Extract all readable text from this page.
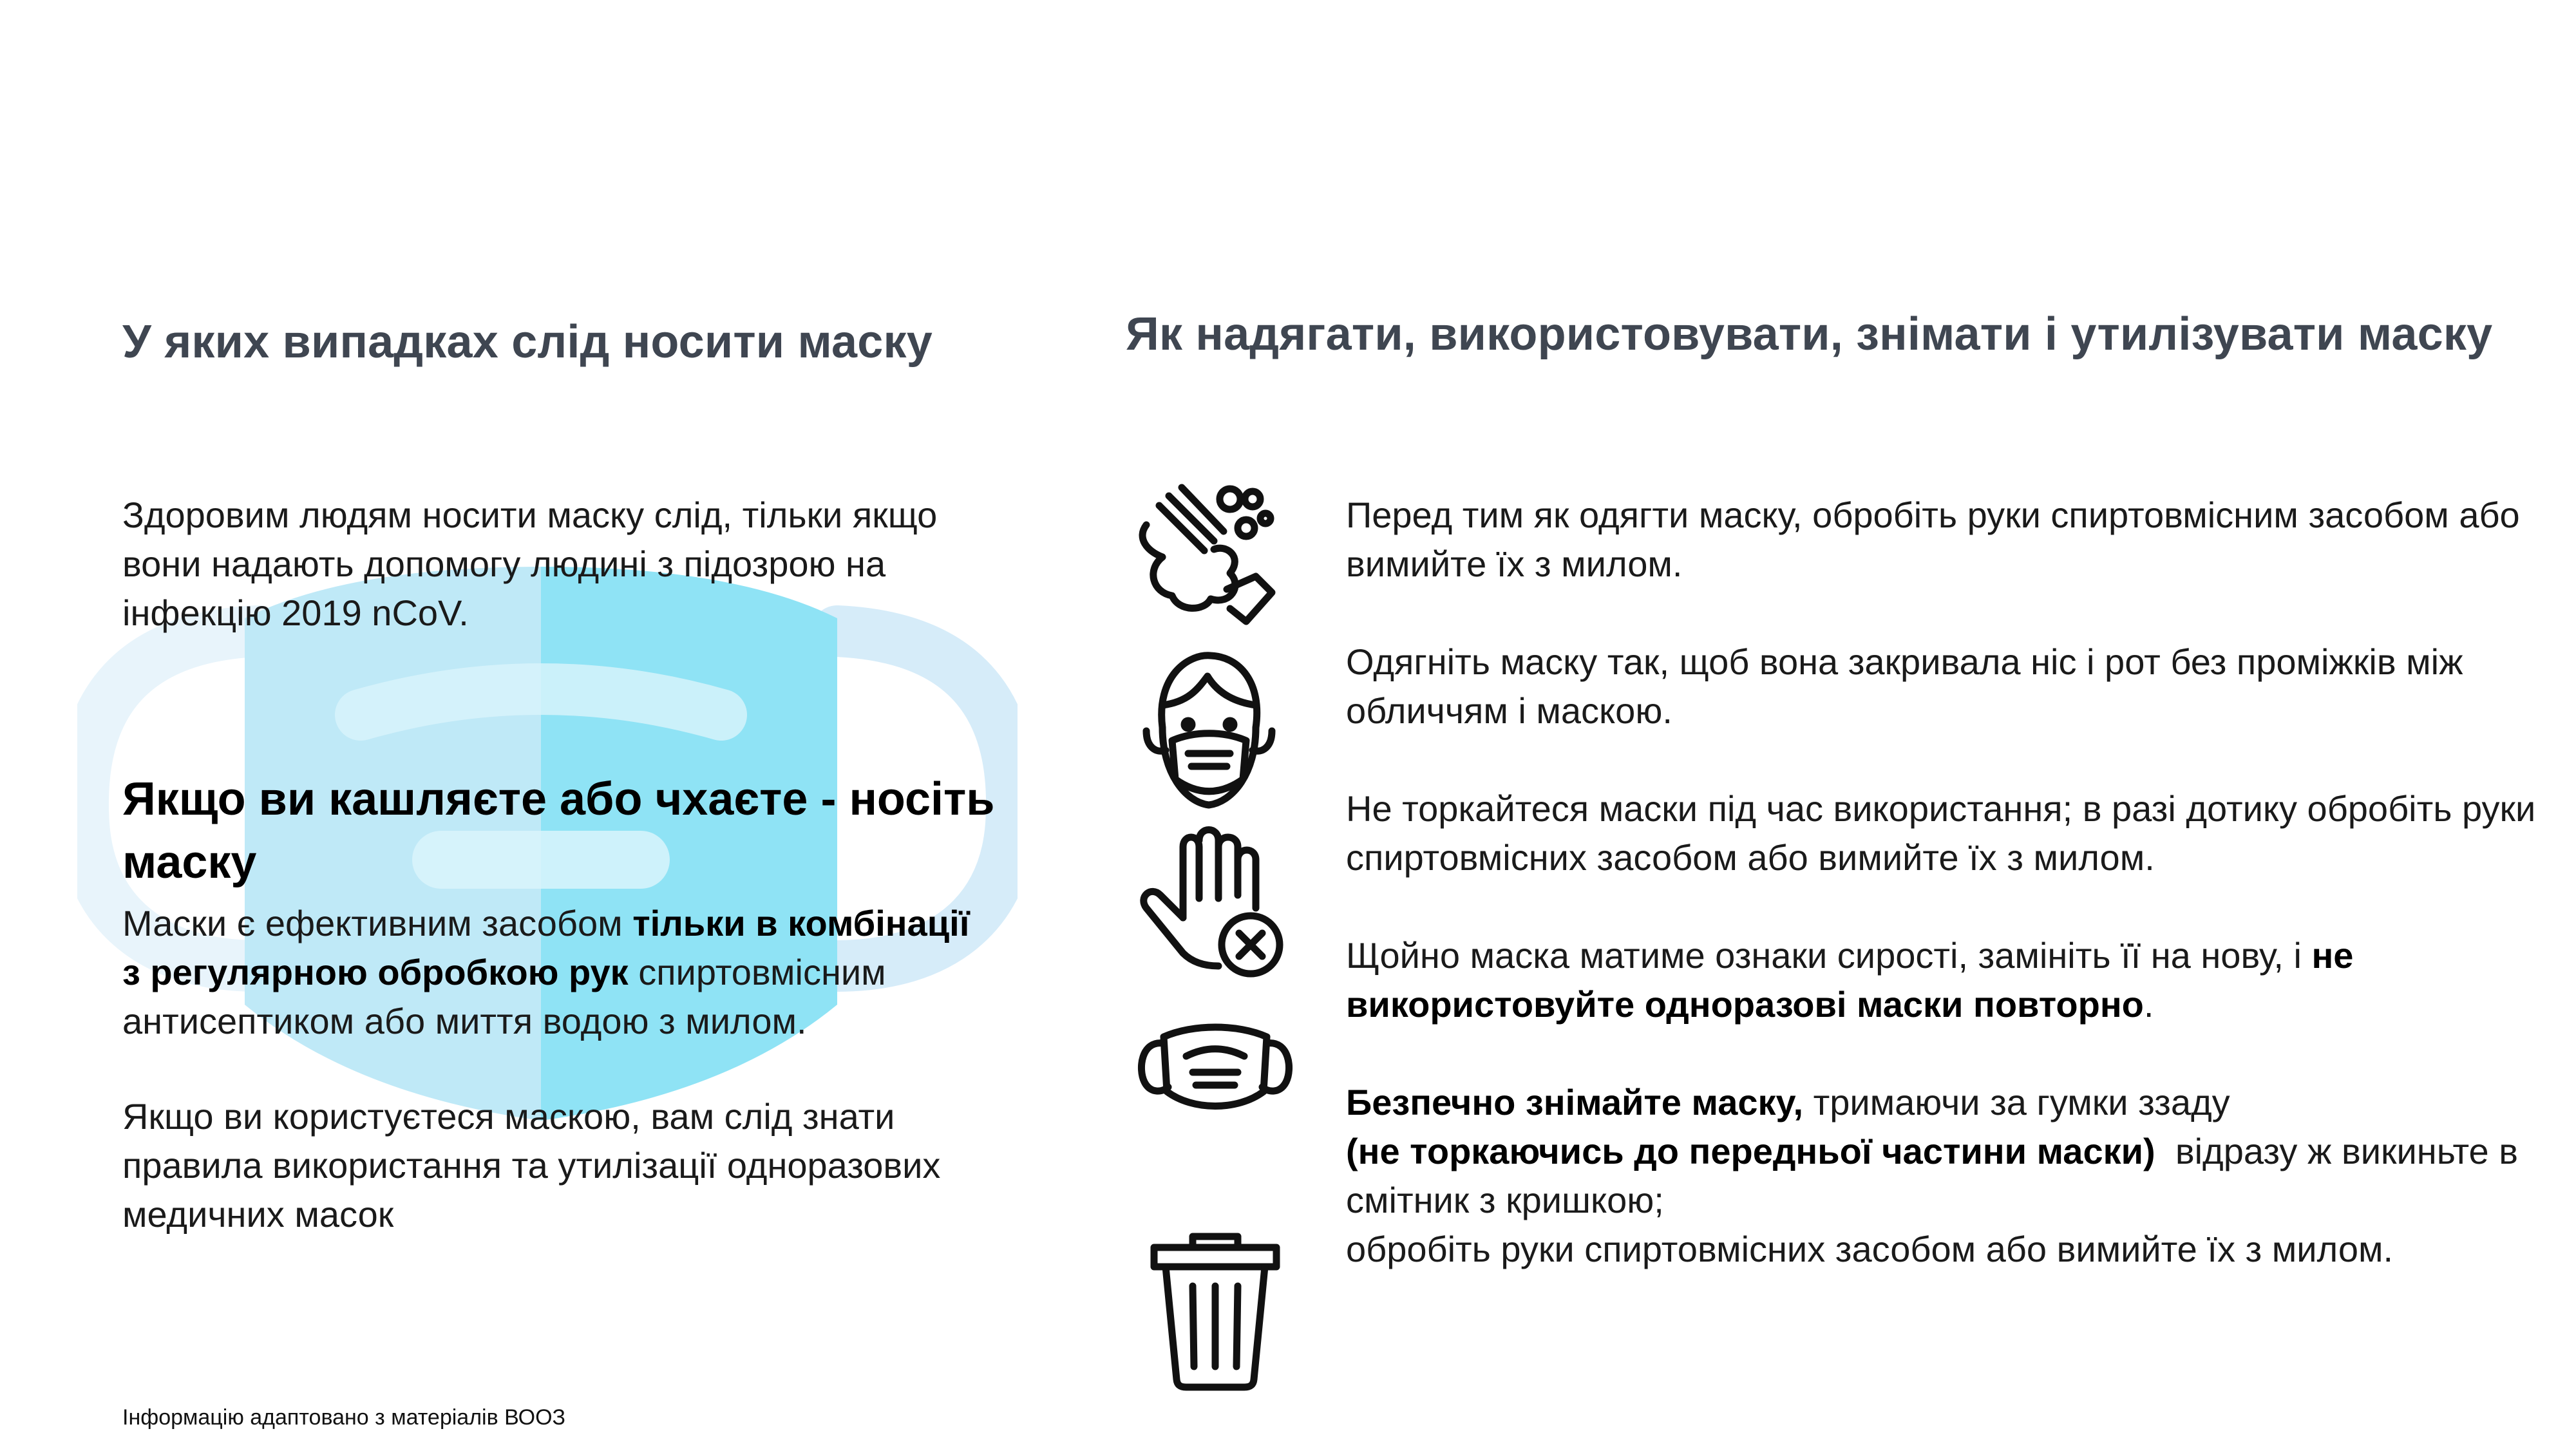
У яких випадках слід носити маску

Здоровим людям носити маску слід, тільки якщо

вони надають допомогу людині з підозрою на

інфекцію 2019 nCoV.

Якщо ви кашляєте або чхаєте - носіть
маску

Маски є ефективним засобом тільки в комбінації

з регулярною обробкою рук спиртовмісним

антисептиком або миття водою з милом.

Якщо ви користуєтеся маскою, вам слід знати

правила використання та утилізації одноразових

медичних масок

Інформацію адаптовано з матеріалів ВООЗ
Як надягати, використовувати, знімати і утилізувати маску

Перед тим як одягти маску, обробіть руки спиртовмісним засобом або

вимийте їх з милом.

Одягніть маску так, щоб вона закривала ніс і рот без проміжків між

обличчям і маскою.

Не торкайтеся маски під час використання; в разі дотику обробіть руки

спиртовмісних засобом або вимийте їх з милом.

Щойно маска матиме ознаки сирості, замініть її на нову, і не

використовуйте одноразові маски повторно.

Безпечно знімайте маску, тримаючи за гумки ззаду

(не торкаючись до передньої частини маски)  відразу ж викиньте в

смітник з кришкою;

обробіть руки спиртовмісних засобом або вимийте їх з милом.
